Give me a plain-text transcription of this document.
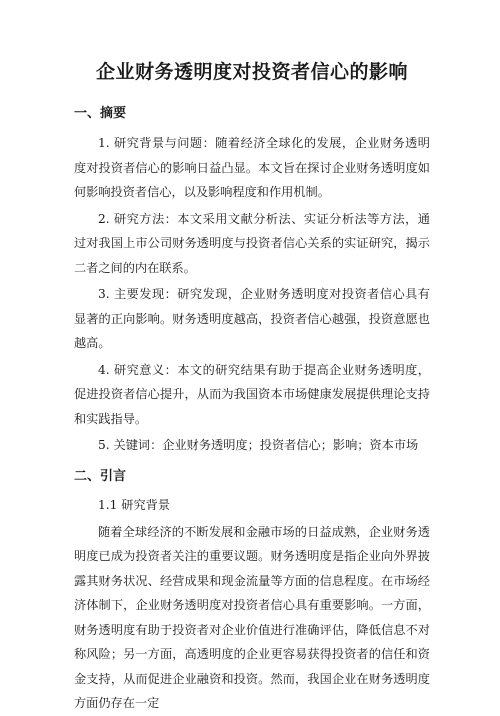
企业财务透明度对投资者信心的影响
一、摘要

1. 研究背景与问题：随着经济全球化的发展，企业财务透明度对投资者信心的影响日益凸显。本文旨在探讨企业财务透明度如何影响投资者信心，以及影响程度和作用机制。

2. 研究方法：本文采用文献分析法、实证分析法等方法，通过对我国上市公司财务透明度与投资者信心关系的实证研究，揭示二者之间的内在联系。

3. 主要发现：研究发现，企业财务透明度对投资者信心具有显著的正向影响。财务透明度越高，投资者信心越强，投资意愿也越高。

4. 研究意义：本文的研究结果有助于提高企业财务透明度，促进投资者信心提升，从而为我国资本市场健康发展提供理论支持和实践指导。

5. 关键词：企业财务透明度；投资者信心；影响；资本市场

二、引言
1.1 研究背景

随着全球经济的不断发展和金融市场的日益成熟，企业财务透明度已成为投资者关注的重要议题。财务透明度是指企业向外界披露其财务状况、经营成果和现金流量等方面的信息程度。在市场经济体制下，企业财务透明度对投资者信心具有重要影响。一方面，财务透明度有助于投资者对企业价值进行准确评估，降低信息不对称风险；另一方面，高透明度的企业更容易获得投资者的信任和资金支持，从而促进企业融资和投资。然而，我国企业在财务透明度方面仍存在一定
